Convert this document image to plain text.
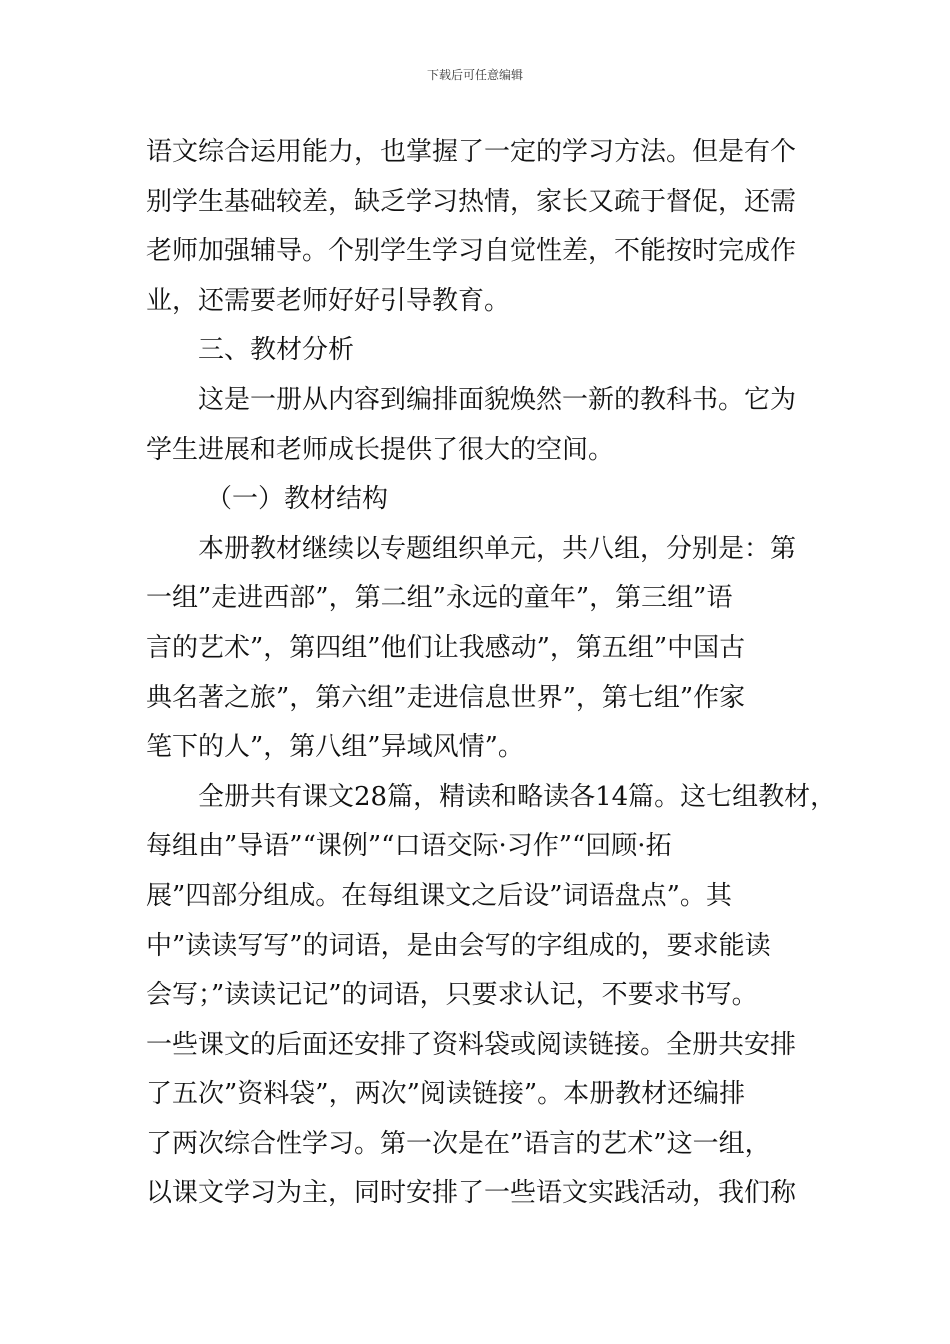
下载后可任意编辑
语文综合运用能力，也掌握了一定的学习方法。但是有个
别学生基础较差，缺乏学习热情，家长又疏于督促，还需
老师加强辅导。个别学生学习自觉性差，不能按时完成作
业，还需要老师好好引导教育。
三、教材分析
这是一册从内容到编排面貌焕然一新的教科书。它为
学生进展和老师成长提供了很大的空间。
（一）教材结构
本册教材继续以专题组织单元，共八组，分别是：第
一组”走进西部”，第二组”永远的童年”，第三组”语
言的艺术”，第四组”他们让我感动”，第五组”中国古
典名著之旅”，第六组”走进信息世界”，第七组”作家
笔下的人”，第八组”异域风情”。
全册共有课文28篇，精读和略读各14篇。这七组教材，
每组由”导语”“课例”“口语交际·习作”“回顾·拓
展”四部分组成。在每组课文之后设”词语盘点”。其
中”读读写写”的词语，是由会写的字组成的，要求能读
会写；”读读记记”的词语，只要求认记，不要求书写。
一些课文的后面还安排了资料袋或阅读链接。全册共安排
了五次”资料袋”，两次”阅读链接”。本册教材还编排
了两次综合性学习。第一次是在”语言的艺术”这一组，
以课文学习为主，同时安排了一些语文实践活动，我们称
